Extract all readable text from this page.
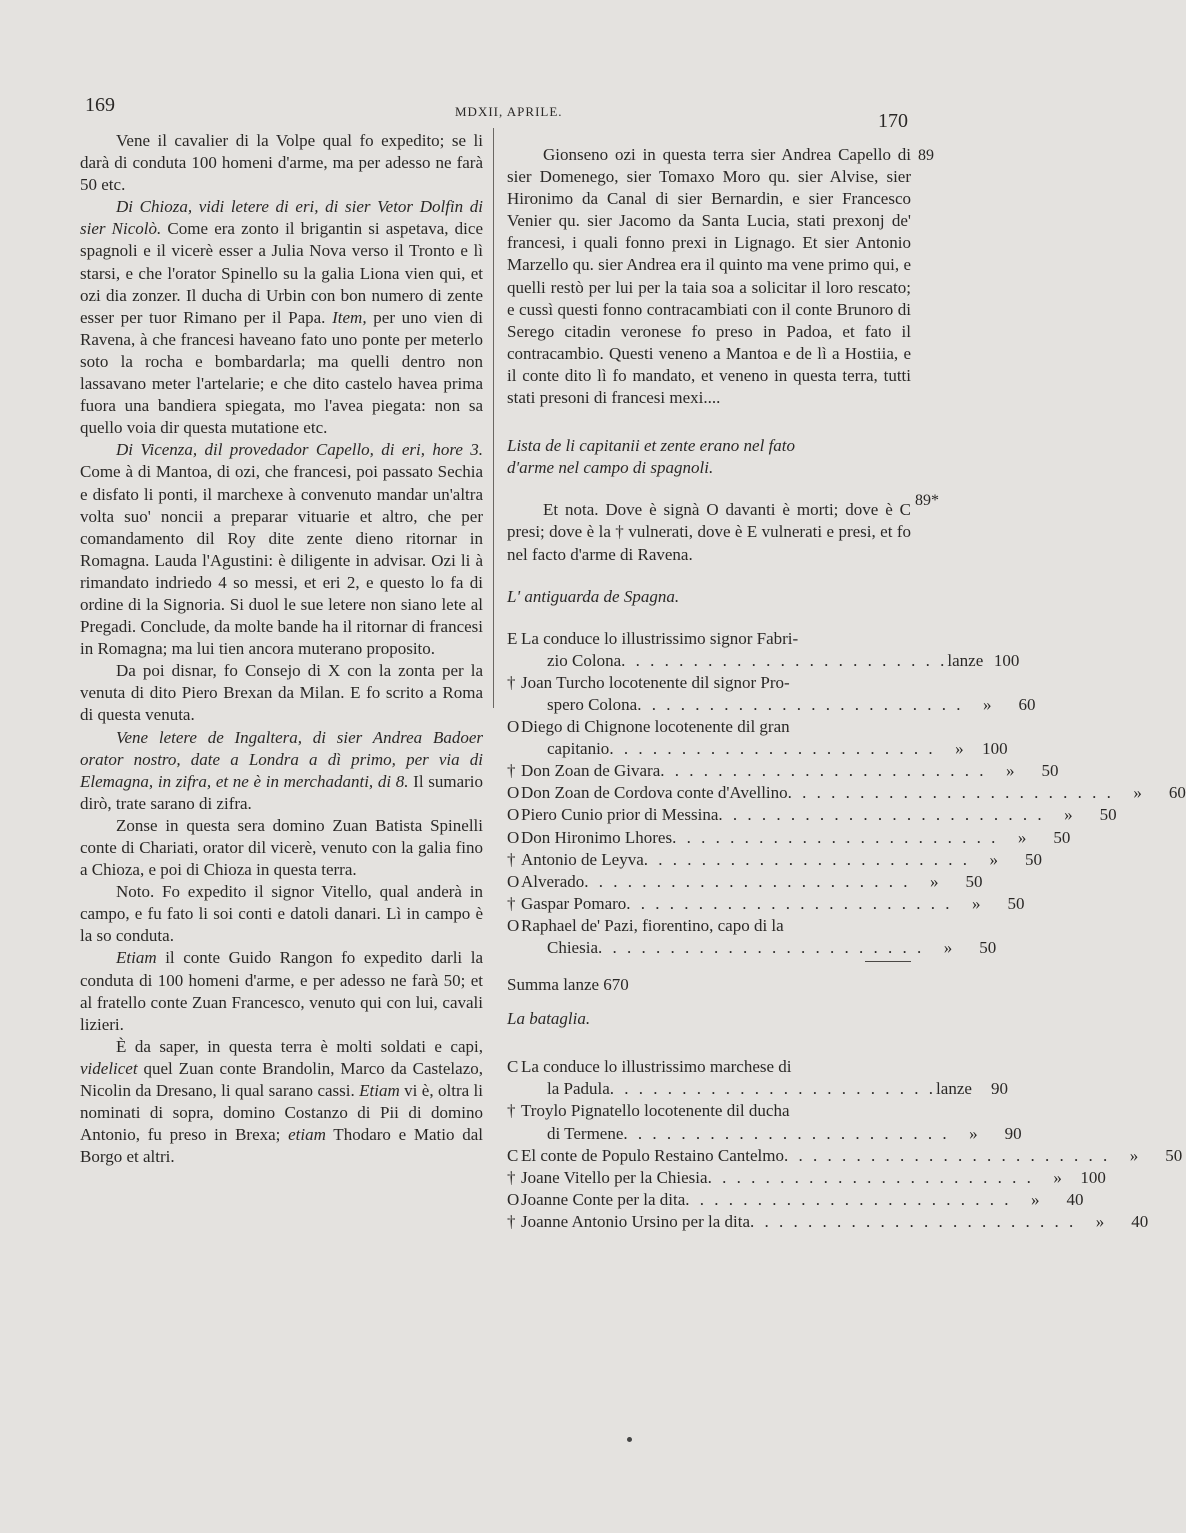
169	MDXII, APRILE.	170
89
89*

Vene il cavalier di la Volpe qual fo expedito; se li darà di conduta 100 homeni d'arme, ma per adesso ne farà 50 etc.

Di Chioza, vidi letere di eri, di sier Vetor Dolfin di sier Nicolò. Come era zonto il brigantin si aspetava, dice spagnoli e il vicerè esser a Julia Nova verso il Tronto e lì starsi, e che l'orator Spinello su la galia Liona vien qui, et ozi dia zonzer. Il ducha di Urbin con bon numero di zente esser per tuor Rimano per il Papa. Item, per uno vien di Ravena, à che francesi haveano fato uno ponte per meterlo soto la rocha e bombardarla; ma quelli dentro non lassavano meter l'artelarie; e che dito castelo havea prima fuora una bandiera spiegata, mo l'avea piegata: non sa quello voia dir questa mutatione etc.

Di Vicenza, dil provedador Capello, di eri, hore 3. Come à di Mantoa, di ozi, che francesi, poi passato Sechia e disfato li ponti, il marchexe à convenuto mandar un'altra volta suo' noncii a preparar vituarie et altro, che per comandamento dil Roy dite zente dieno ritornar in Romagna. Lauda l'Agustini: è diligente in advisar. Ozi li à rimandato indriedo 4 so messi, et eri 2, e questo lo fa di ordine di la Signoria. Si duol le sue letere non siano lete al Pregadi. Conclude, da molte bande ha il ritornar di francesi in Romagna; ma lui tien ancora muterano proposito.

Da poi disnar, fo Consejo di X con la zonta per la venuta di dito Piero Brexan da Milan. E fo scrito a Roma di questa venuta.

Vene letere de Ingaltera, di sier Andrea Badoer orator nostro, date a Londra a dì primo, per via di Elemagna, in zifra, et ne è in merchadanti, di 8. Il sumario dirò, trate sarano di zifra.

Zonse in questa sera domino Zuan Batista Spinelli conte di Chariati, orator dil vicerè, venuto con la galia fino a Chioza, e poi di Chioza in questa terra.

Noto. Fo expedito il signor Vitello, qual anderà in campo, e fu fato li soi conti e datoli danari. Lì in campo è la so conduta.

Etiam il conte Guido Rangon fo expedito darli la conduta di 100 homeni d'arme, e per adesso ne farà 50; et al fratello conte Zuan Francesco, venuto qui con lui, cavali lizieri.

È da saper, in questa terra è molti soldati e capi, videlicet quel Zuan conte Brandolin, Marco da Castelazo, Nicolin da Dresano, li qual sarano cassi. Etiam vi è, oltra li nominati di sopra, domino Costanzo di Pii di domino Antonio, fu preso in Brexa; etiam Thodaro e Matio dal Borgo et altri.

Gionseno ozi in questa terra sier Andrea Capello di sier Domenego, sier Tomaxo Moro qu. sier Alvise, sier Hironimo da Canal di sier Bernardin, e sier Francesco Venier qu. sier Jacomo da Santa Lucia, stati prexonj de' francesi, i quali fonno prexi in Lignago. Et sier Antonio Marzello qu. sier Andrea era il quinto ma vene primo qui, e quelli restò per lui per la taia soa a solicitar il loro rescato; e cussì questi fonno contracambiati con il conte Brunoro di Serego citadin veronese fo preso in Padoa, et fato il contracambio. Questi veneno a Mantoa e de lì a Hostiia, e il conte dito lì fo mandato, et veneno in questa terra, tutti stati presoni di francesi mexi....

Lista de li capitanii et zente erano nel fato

d'arme nel campo di spagnoli.

Et nota. Dove è signà O davanti è morti; dove è C presi; dove è la † vulnerati, dove è E vulnerati e presi, et fo nel facto d'arme di Ravena.

L' antiguarda de Spagna.

E La conduce lo illustrissimo signor Fabri-
zio Colona . . . . . . . . . . . . . . . . . . . . . . . lanze 100
† Joan Turcho locotenente dil signor Pro-
spero Colona . . . . . . . . . . . . . . . . . . . . . . .	»	60
O Diego di Chignone locotenente dil gran
capitanio . . . . . . . . . . . . . . . . . . . . . . .	»	100
† Don Zoan de Givara . . . . . . . . . . . . . . . . . . . . . . .	»	50
O Don Zoan de Cordova conte d'Avellino . . . . . . . . . . . . . . . . . . . . . . .	»	60
O Piero Cunio prior di Messina . . . . . . . . . . . . . . . . . . . . . . .	»	50
O Don Hironimo Lhores . . . . . . . . . . . . . . . . . . . . . . .	»	50
† Antonio de Leyva . . . . . . . . . . . . . . . . . . . . . . .	»	50
O Alverado . . . . . . . . . . . . . . . . . . . . . . .	»	50
† Gaspar Pomaro . . . . . . . . . . . . . . . . . . . . . . .	»	50
O Raphael de' Pazi, fiorentino, capo di la
Chiesia . . . . . . . . . . . . . . . . . . . . . . .	»	50

Summa lanze 670

La bataglia.

C La conduce lo illustrissimo marchese di
la Padula . . . . . . . . . . . . . . . . . . . . . . . lanze	90
† Troylo Pignatello locotenente dil ducha
di Termene . . . . . . . . . . . . . . . . . . . . . . .	»	90
C El conte de Populo Restaino Cantelmo . . . . . . . . . . . . . . . . . . . . . . .	»	50
† Joane Vitello per la Chiesia . . . . . . . . . . . . . . . . . . . . . . .	»	100
O Joanne Conte per la dita . . . . . . . . . . . . . . . . . . . . . . .	»	40
† Joanne Antonio Ursino per la dita . . . . . . . . . . . . . . . . . . . . . . .	»	40
